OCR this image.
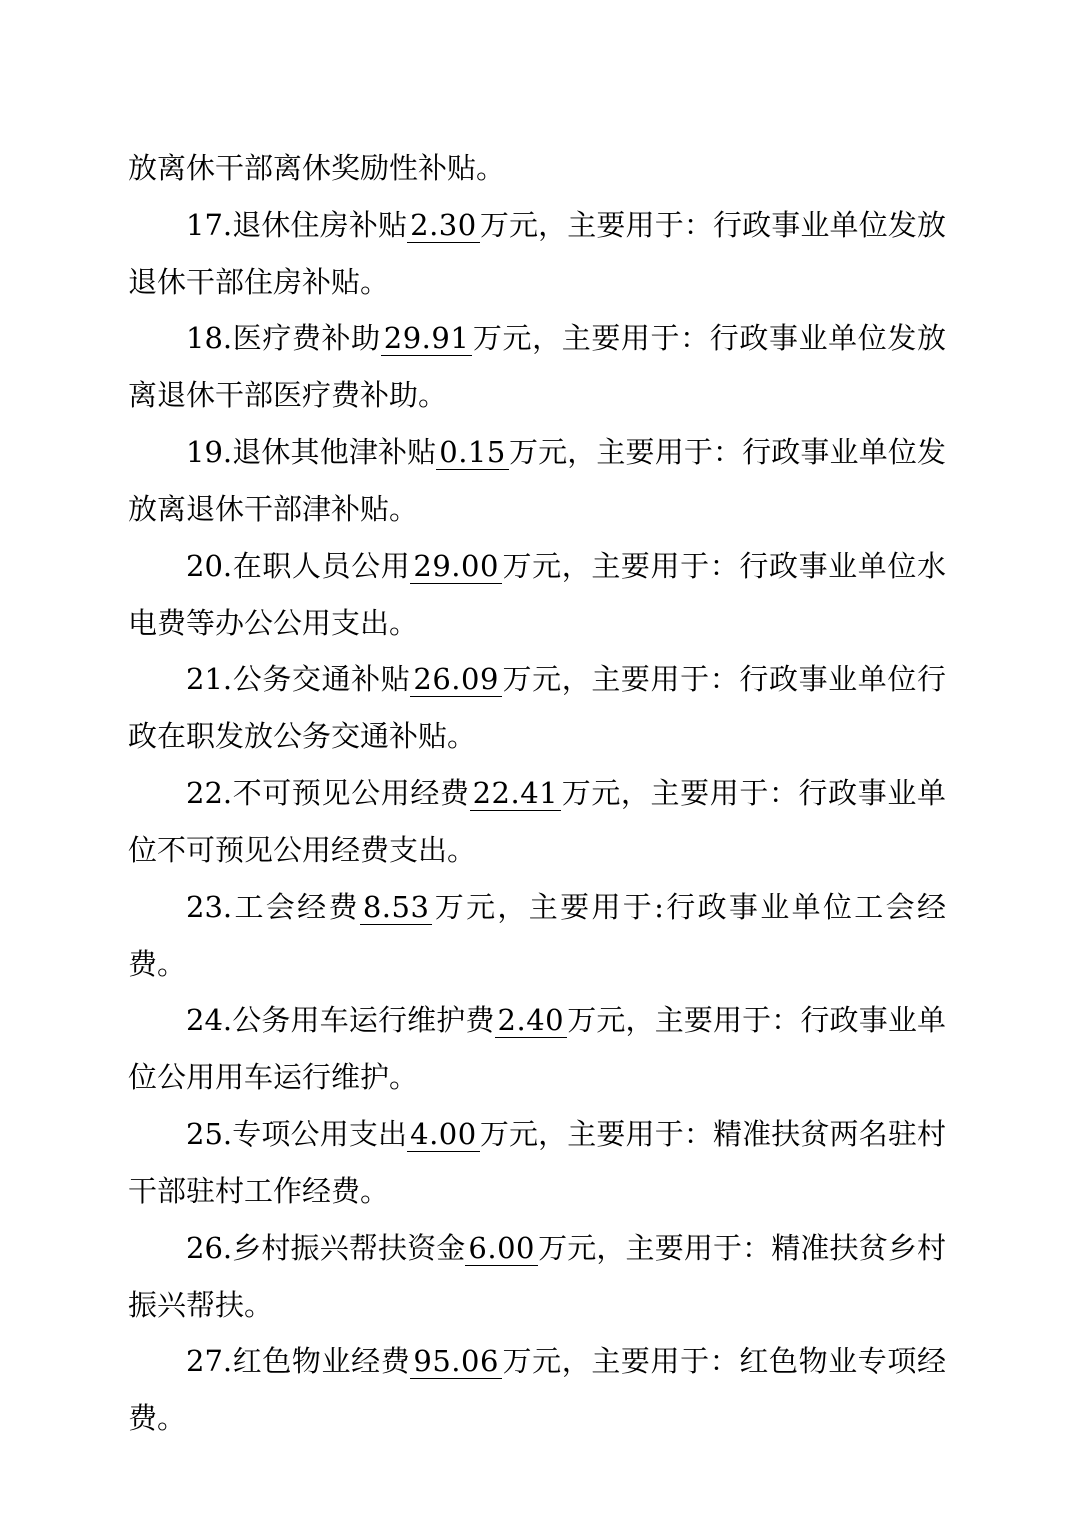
放离休干部离休奖励性补贴。
17.退休住房补贴 2.30 万元，主要用于：行政事业单位发放退休干部住房补贴。
18.医疗费补助 29.91 万元，主要用于：行政事业单位发放离退休干部医疗费补助。
19.退休其他津补贴 0.15 万元，主要用于：行政事业单位发放离退休干部津补贴。
20.在职人员公用 29.00 万元，主要用于：行政事业单位水电费等办公公用支出。
21.公务交通补贴 26.09 万元，主要用于：行政事业单位行政在职发放公务交通补贴。
22.不可预见公用经费 22.41 万元，主要用于：行政事业单位不可预见公用经费支出。
23.工会经费 8.53 万元，主要用于:行政事业单位工会经费。
24.公务用车运行维护费 2.40 万元，主要用于：行政事业单位公用用车运行维护。
25.专项公用支出 4.00 万元，主要用于：精准扶贫两名驻村干部驻村工作经费。
26.乡村振兴帮扶资金 6.00 万元，主要用于：精准扶贫乡村振兴帮扶。
27.红色物业经费 95.06 万元，主要用于：红色物业专项经费。
